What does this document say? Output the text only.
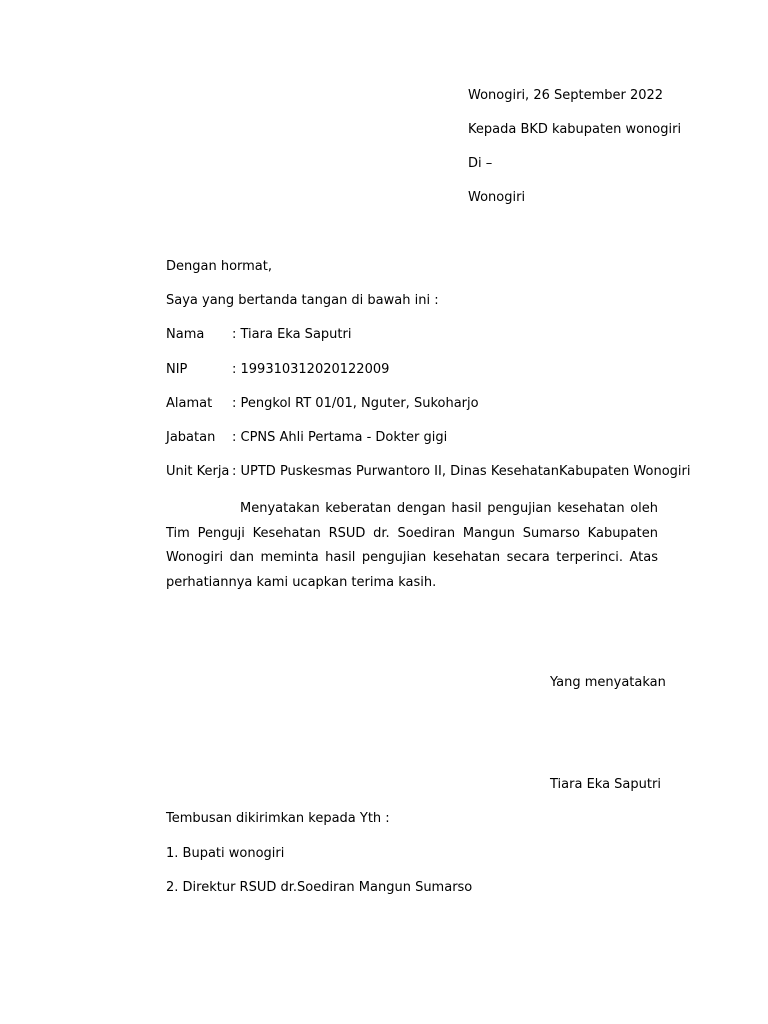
Wonogiri, 26 September 2022
Kepada BKD kabupaten wonogiri
Di –
Wonogiri
Dengan hormat,
Saya yang bertanda tangan di bawah ini :
Nama : Tiara Eka Saputri
NIP	: 199310312020122009
Alamat : Pengkol RT 01/01, Nguter, Sukoharjo
Jabatan : CPNS Ahli Pertama - Dokter gigi
Unit Kerja : UPTD Puskesmas Purwantoro II, Dinas KesehatanKabupaten Wonogiri
Menyatakan keberatan dengan hasil pengujian kesehatan oleh Tim Penguji Kesehatan RSUD dr. Soediran Mangun Sumarso Kabupaten Wonogiri dan meminta hasil pengujian kesehatan secara terperinci. Atas perhatiannya kami ucapkan terima kasih.
Yang menyatakan
Tiara Eka Saputri
Tembusan dikirimkan kepada Yth :
1. Bupati wonogiri
2. Direktur RSUD dr.Soediran Mangun Sumarso
